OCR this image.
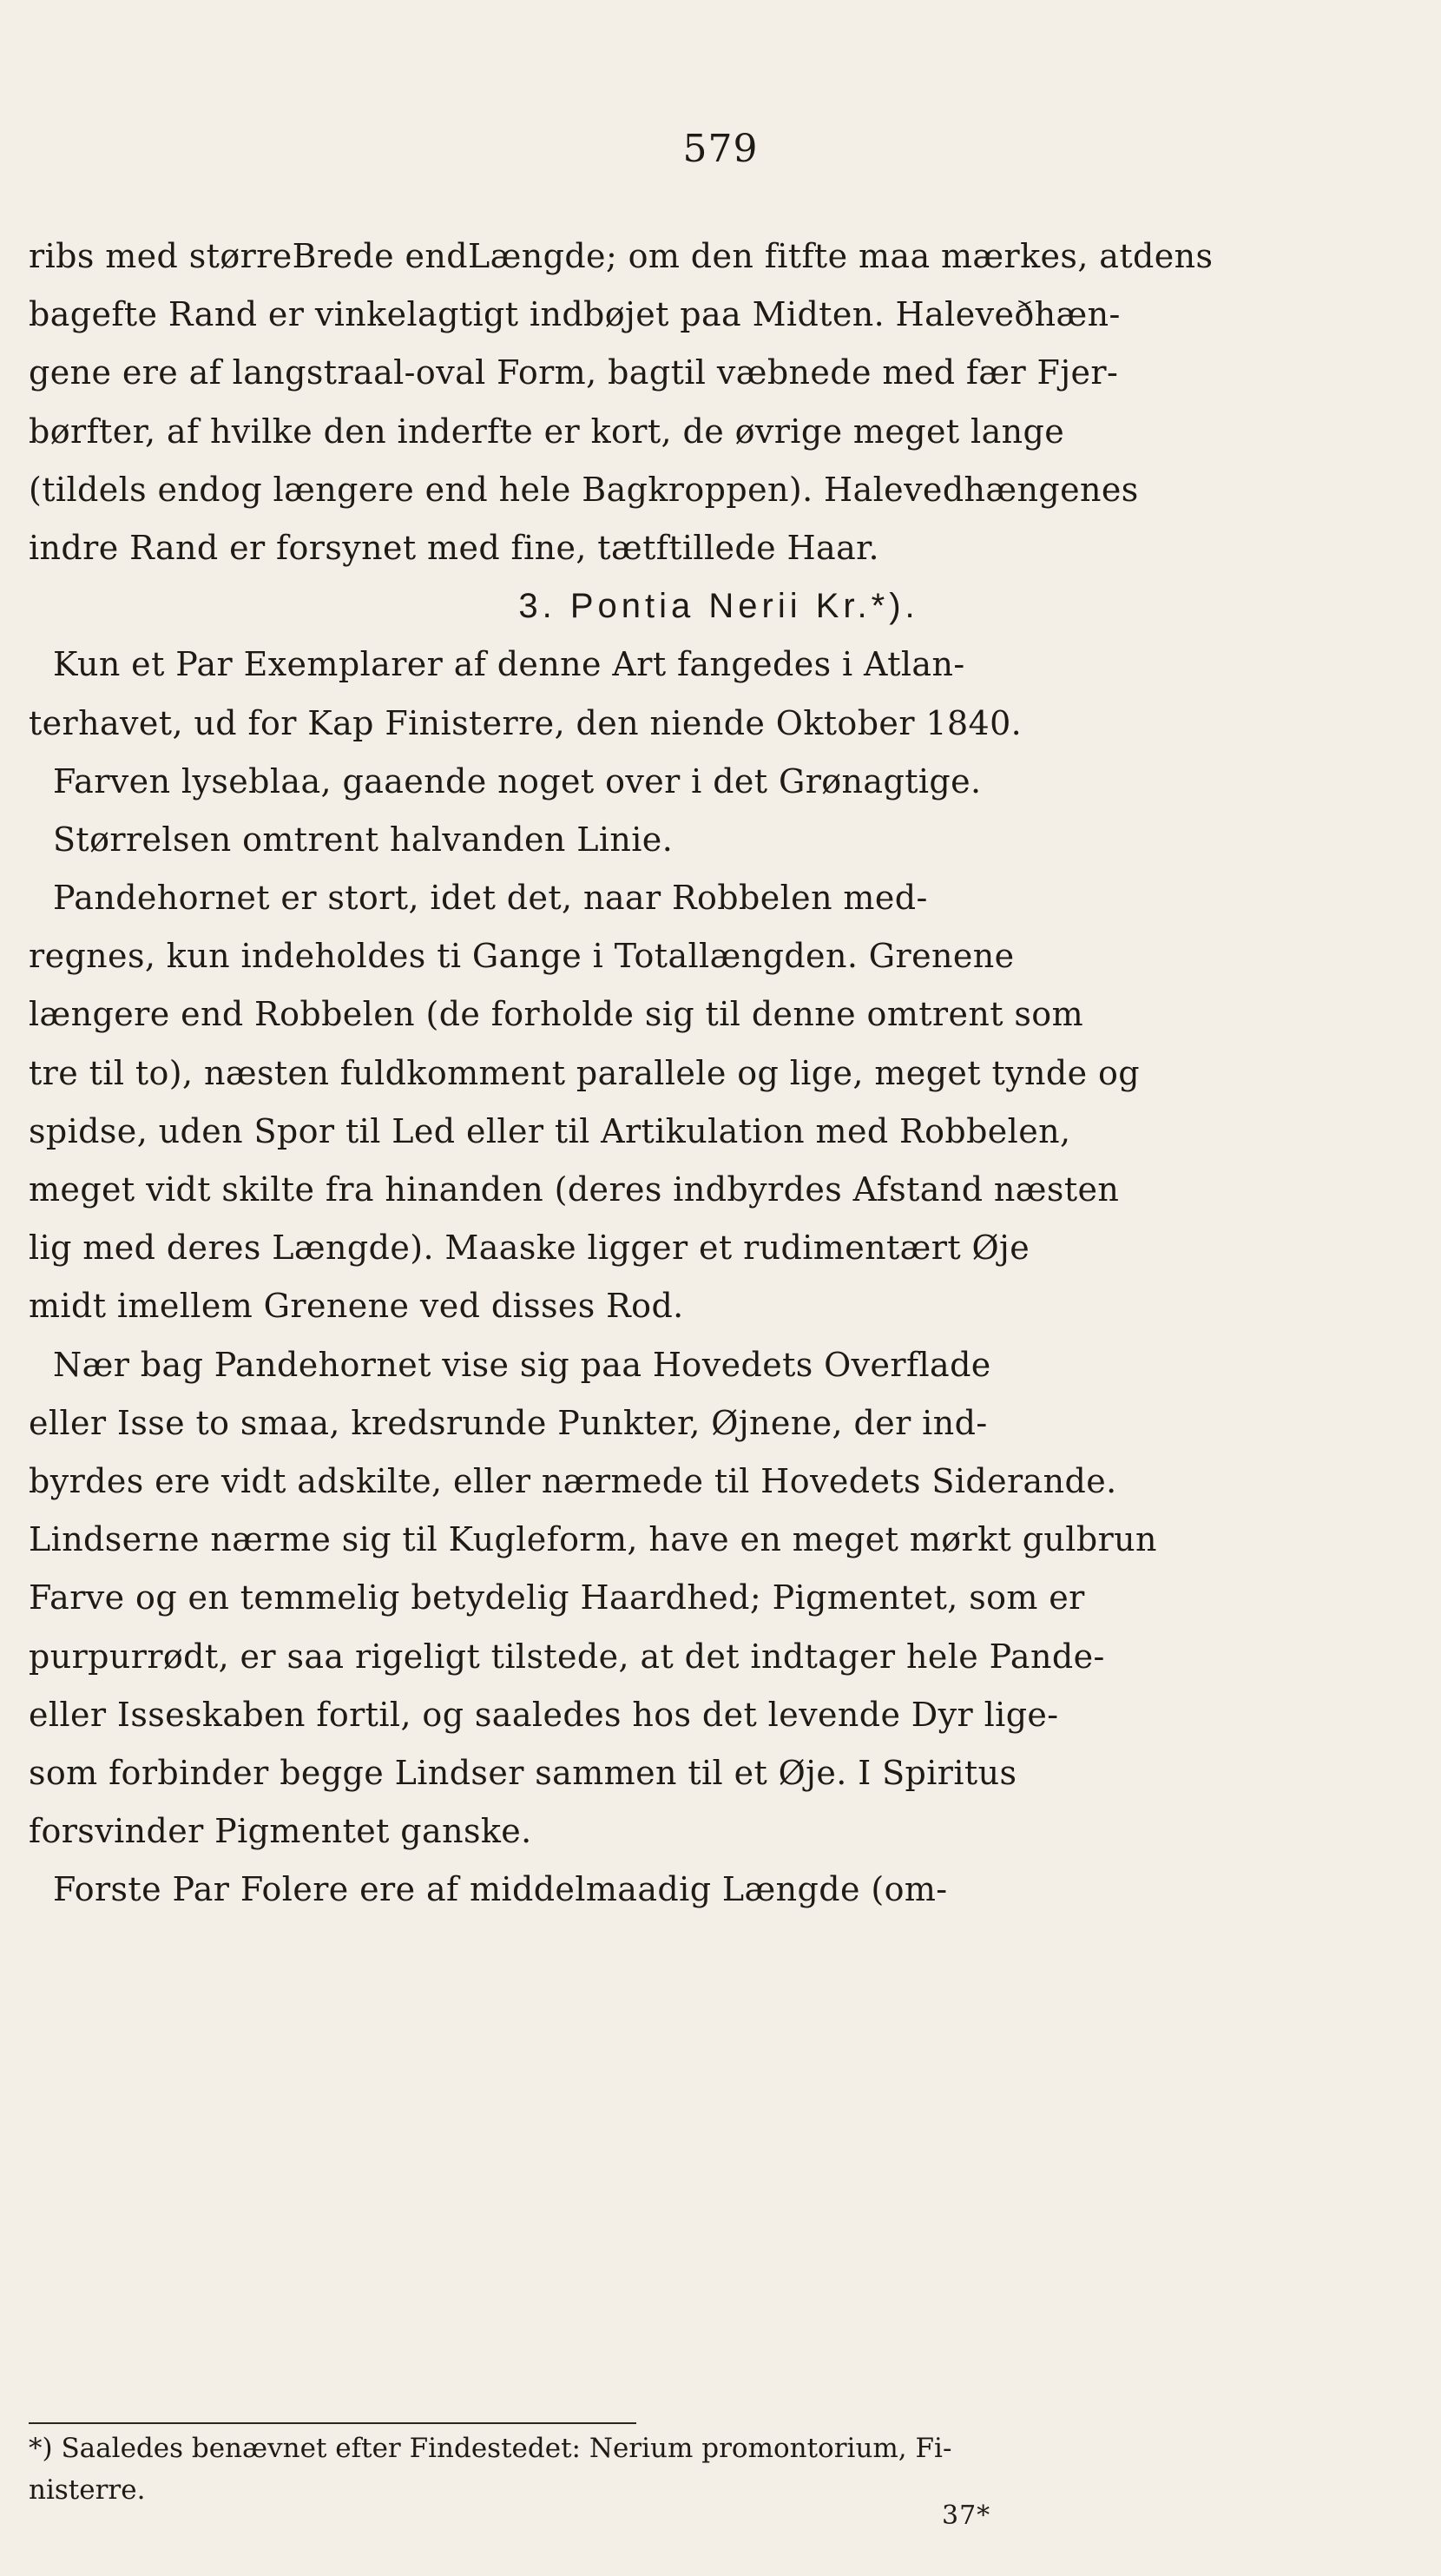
579
ribs med størreBrede endLængde; om den fitfte maa mærkes, atdens
bagefte Rand er vinkelagtigt indbøjet paa Midten. Haleveðhæn-
gene ere af langstraal-oval Form, bagtil væbnede med fær Fjer-
børfter, af hvilke den inderfte er kort, de øvrige meget lange
(tildels endog længere end hele Bagkroppen). Halevedhængenes
indre Rand er forsynet med fine, tætftillede Haar.
3. Pontia Nerii Kr.*).
Kun et Par Exemplarer af denne Art fangedes i Atlan-
terhavet, ud for Kap Finisterre, den niende Oktober 1840.
Farven lyseblaa, gaaende noget over i det Grønagtige.
Størrelsen omtrent halvanden Linie.
Pandehornet er stort, idet det, naar Robbelen med-
regnes, kun indeholdes ti Gange i Totallængden. Grenene
længere end Robbelen (de forholde sig til denne omtrent som
tre til to), næsten fuldkomment parallele og lige, meget tynde og
spidse, uden Spor til Led eller til Artikulation med Robbelen,
meget vidt skilte fra hinanden (deres indbyrdes Afstand næsten
lig med deres Længde). Maaske ligger et rudimentært Øje
midt imellem Grenene ved disses Rod.
Nær bag Pandehornet vise sig paa Hovedets Overflade
eller Isse to smaa, kredsrunde Punkter, Øjnene, der ind-
byrdes ere vidt adskilte, eller nærmede til Hovedets Siderande.
Lindserne nærme sig til Kugleform, have en meget mørkt gulbrun
Farve og en temmelig betydelig Haardhed; Pigmentet, som er
purpurrødt, er saa rigeligt tilstede, at det indtager hele Pande-
eller Isseskaben fortil, og saaledes hos det levende Dyr lige-
som forbinder begge Lindser sammen til et Øje. I Spiritus
forsvinder Pigmentet ganske.
Forste Par Folere ere af middelmaadig Længde (om-
*) Saaledes benævnet efter Findestedet: Nerium promontorium, Fi-
nisterre.
37*
